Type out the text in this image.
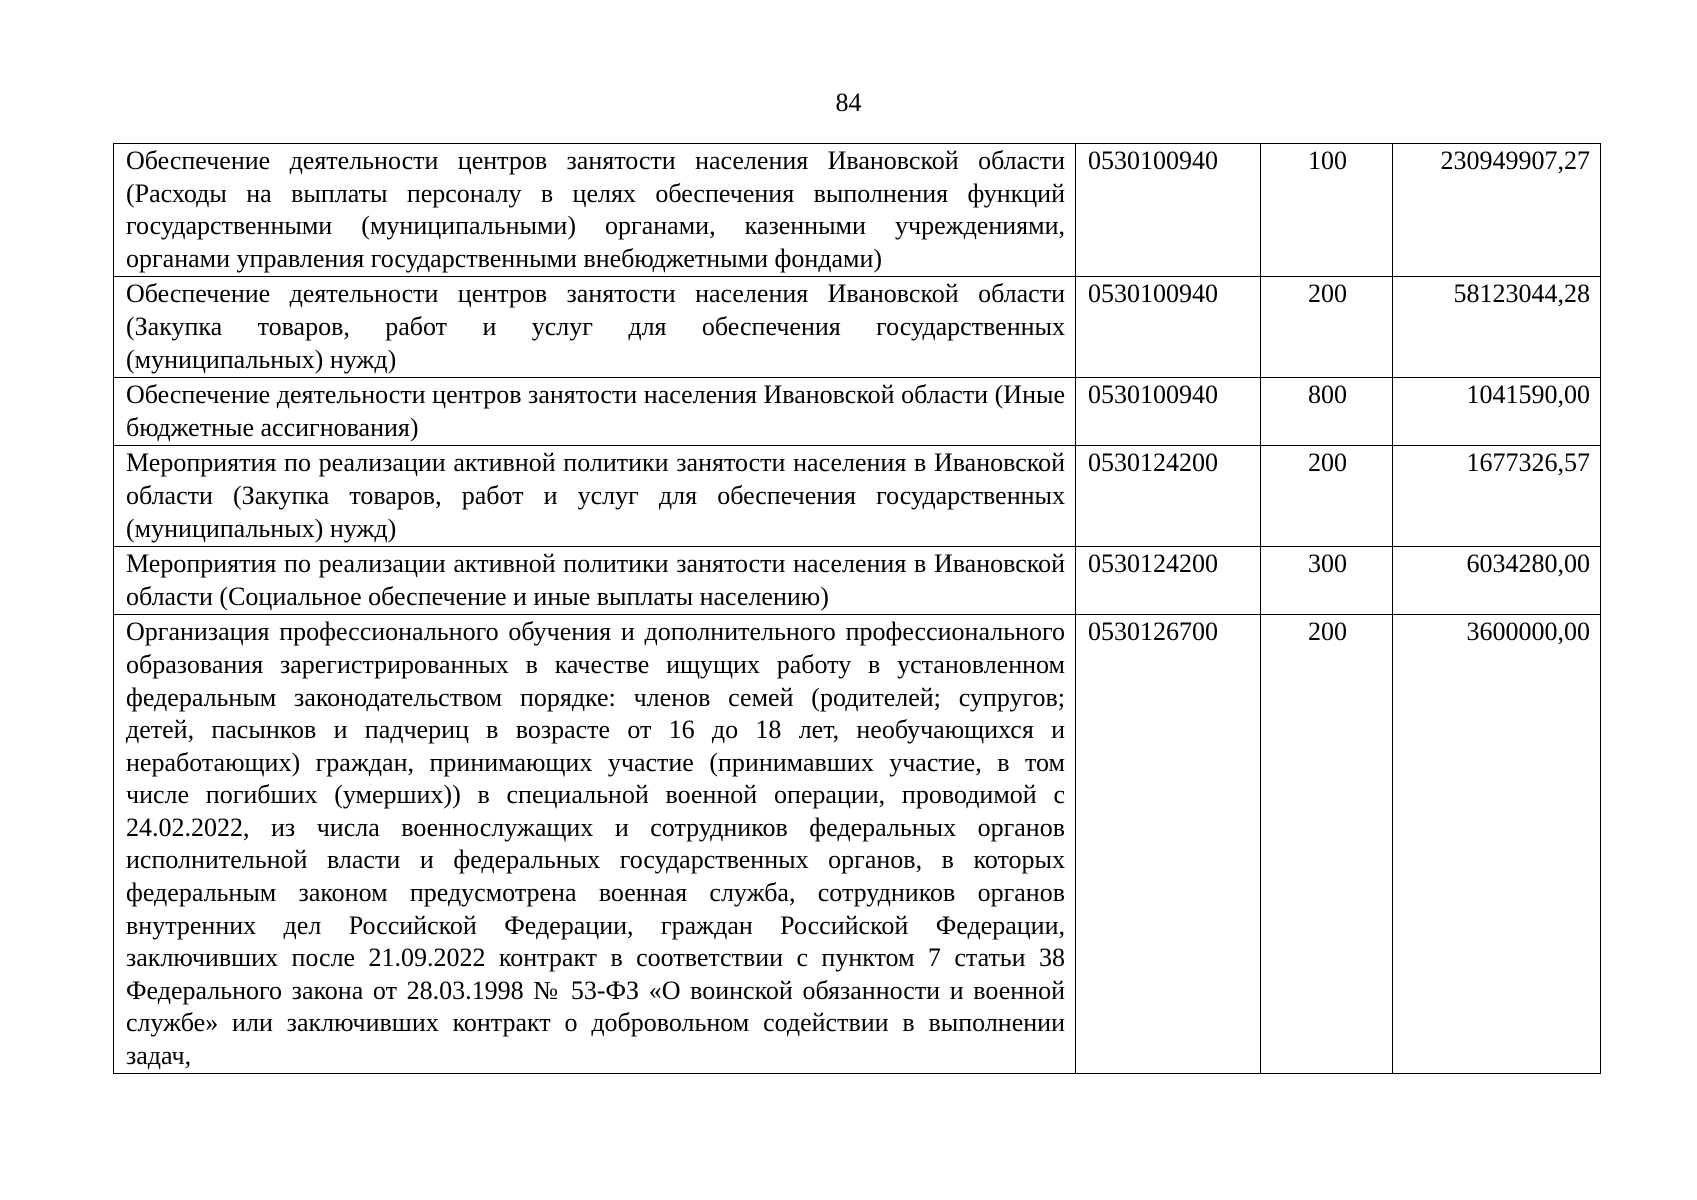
84
Обеспечение деятельности центров занятости населения Ивановской области (Расходы на выплаты персоналу в целях обеспечения выполнения функций государственными (муниципальными) органами, казенными учреждениями, органами управления государственными внебюджетными фондами)	0530100940	100	230949907,27
Обеспечение деятельности центров занятости населения Ивановской области (Закупка товаров, работ и услуг для обеспечения государственных (муниципальных) нужд)	0530100940	200	58123044,28
Обеспечение деятельности центров занятости населения Ивановской области (Иные бюджетные ассигнования)	0530100940	800	1041590,00
Мероприятия по реализации активной политики занятости населения в Ивановской области (Закупка товаров, работ и услуг для обеспечения государственных (муниципальных) нужд)	0530124200	200	1677326,57
Мероприятия по реализации активной политики занятости населения в Ивановской области (Социальное обеспечение и иные выплаты населению)	0530124200	300	6034280,00

Организация профессионального обучения и дополнительного профессионального образования зарегистрированных в качестве ищущих работу в установленном федеральным законодательством порядке: членов семей (родителей; супругов; детей, пасынков и падчериц в возрасте от 16 до 18 лет, необучающихся и неработающих) граждан, принимающих участие (принимавших участие, в том числе погибших (умерших)) в специальной военной операции, проводимой с 24.02.2022, из числа военнослужащих и сотрудников федеральных органов исполнительной власти и федеральных государственных органов, в которых федеральным законом предусмотрена военная служба, сотрудников органов внутренних дел Российской Федерации, граждан Российской Федерации, заключивших после 21.09.2022 контракт в соответствии с пунктом 7 статьи 38 Федерального закона от 28.03.1998 № 53-ФЗ «О воинской обязанности и военной службе» или заключивших контракт о добровольном содействии в выполнении задач,	0530126700	200	3600000,00
